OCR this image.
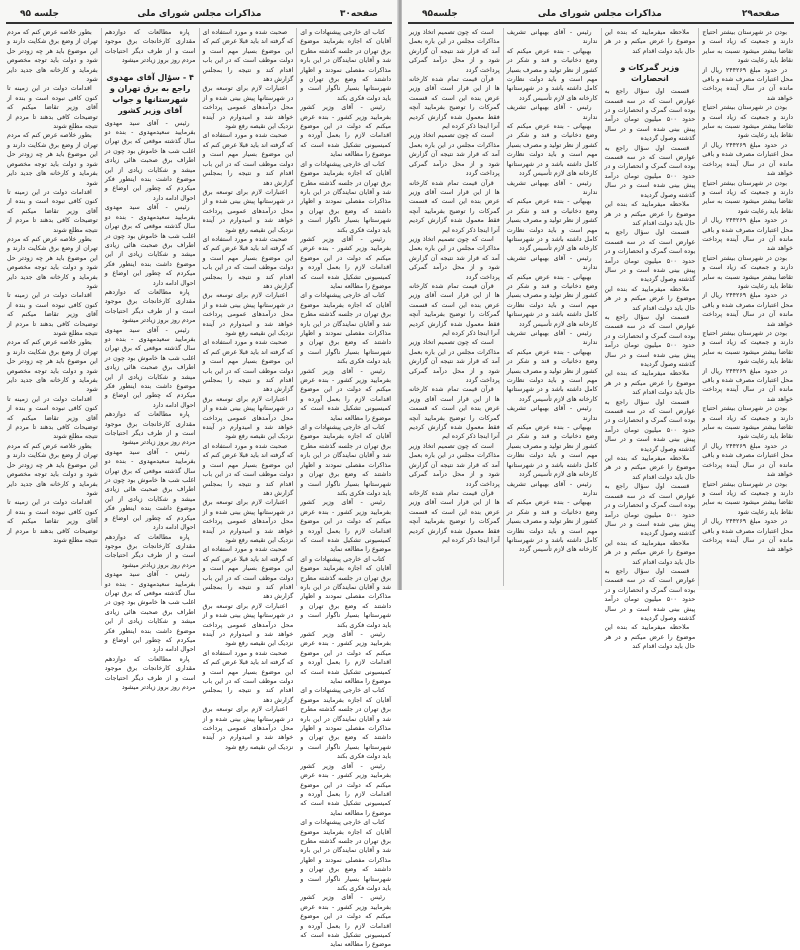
صفحه۳۰
مذاکرات مجلس شورای ملی
جلسه ۹۵

کتاب ای خارجی پیشنهادات و ای آقایان که اجازه بفرمایند موضوع برق تهران در جلسه گذشته مطرح شد و آقایان نمایندگان در این باره مذاکرات مفصلی نمودند و اظهار داشتند که وضع برق تهران و شهرستانها بسیار ناگوار است و باید دولت فکری بکند

رئیس - آقای وزیر کشور بفرمایید وزیر کشور - بنده عرض میکنم که دولت در این موضوع اقدامات لازم را بعمل آورده و کمیسیونی تشکیل شده است که موضوع را مطالعه نماید

کتاب ای خارجی پیشنهادات و ای آقایان که اجازه بفرمایند موضوع برق تهران در جلسه گذشته مطرح شد و آقایان نمایندگان در این باره مذاکرات مفصلی نمودند و اظهار داشتند که وضع برق تهران و شهرستانها بسیار ناگوار است و باید دولت فکری بکند

رئیس - آقای وزیر کشور بفرمایید وزیر کشور - بنده عرض میکنم که دولت در این موضوع اقدامات لازم را بعمل آورده و کمیسیونی تشکیل شده است که موضوع را مطالعه نماید

کتاب ای خارجی پیشنهادات و ای آقایان که اجازه بفرمایند موضوع برق تهران در جلسه گذشته مطرح شد و آقایان نمایندگان در این باره مذاکرات مفصلی نمودند و اظهار داشتند که وضع برق تهران و شهرستانها بسیار ناگوار است و باید دولت فکری بکند

رئیس - آقای وزیر کشور بفرمایید وزیر کشور - بنده عرض میکنم که دولت در این موضوع اقدامات لازم را بعمل آورده و کمیسیونی تشکیل شده است که موضوع را مطالعه نماید

کتاب ای خارجی پیشنهادات و ای آقایان که اجازه بفرمایند موضوع برق تهران در جلسه گذشته مطرح شد و آقایان نمایندگان در این باره مذاکرات مفصلی نمودند و اظهار داشتند که وضع برق تهران و شهرستانها بسیار ناگوار است و باید دولت فکری بکند

رئیس - آقای وزیر کشور بفرمایید وزیر کشور - بنده عرض میکنم که دولت در این موضوع اقدامات لازم را بعمل آورده و کمیسیونی تشکیل شده است که موضوع را مطالعه نماید

کتاب ای خارجی پیشنهادات و ای آقایان که اجازه بفرمایند موضوع برق تهران در جلسه گذشته مطرح شد و آقایان نمایندگان در این باره مذاکرات مفصلی نمودند و اظهار داشتند که وضع برق تهران و شهرستانها بسیار ناگوار است و باید دولت فکری بکند

رئیس - آقای وزیر کشور بفرمایید وزیر کشور - بنده عرض میکنم که دولت در این موضوع اقدامات لازم را بعمل آورده و کمیسیونی تشکیل شده است که موضوع را مطالعه نماید

کتاب ای خارجی پیشنهادات و ای آقایان که اجازه بفرمایند موضوع برق تهران در جلسه گذشته مطرح شد و آقایان نمایندگان در این باره مذاکرات مفصلی نمودند و اظهار داشتند که وضع برق تهران و شهرستانها بسیار ناگوار است و باید دولت فکری بکند

رئیس - آقای وزیر کشور بفرمایید وزیر کشور - بنده عرض میکنم که دولت در این موضوع اقدامات لازم را بعمل آورده و کمیسیونی تشکیل شده است که موضوع را مطالعه نماید

کتاب ای خارجی پیشنهادات و ای آقایان که اجازه بفرمایند موضوع برق تهران در جلسه گذشته مطرح شد و آقایان نمایندگان در این باره مذاکرات مفصلی نمودند و اظهار داشتند که وضع برق تهران و شهرستانها بسیار ناگوار است و باید دولت فکری بکند

رئیس - آقای وزیر کشور بفرمایید وزیر کشور - بنده عرض میکنم که دولت در این موضوع اقدامات لازم را بعمل آورده و کمیسیونی تشکیل شده است که موضوع را مطالعه نماید

صحبت شده و مورد استفاده ای که گرفته اند باید قبلا عرض کنم که این موضوع بسیار مهم است و دولت موظف است که در این باب اقدام کند و نتیجه را بمجلس گزارش دهد

اعتبارات لازم برای توسعه برق در شهرستانها پیش بینی شده و از محل درآمدهای عمومی پرداخت خواهد شد و امیدوارم در آینده نزدیک این نقیصه رفع شود

صحبت شده و مورد استفاده ای که گرفته اند باید قبلا عرض کنم که این موضوع بسیار مهم است و دولت موظف است که در این باب اقدام کند و نتیجه را بمجلس گزارش دهد

اعتبارات لازم برای توسعه برق در شهرستانها پیش بینی شده و از محل درآمدهای عمومی پرداخت خواهد شد و امیدوارم در آینده نزدیک این نقیصه رفع شود

صحبت شده و مورد استفاده ای که گرفته اند باید قبلا عرض کنم که این موضوع بسیار مهم است و دولت موظف است که در این باب اقدام کند و نتیجه را بمجلس گزارش دهد

اعتبارات لازم برای توسعه برق در شهرستانها پیش بینی شده و از محل درآمدهای عمومی پرداخت خواهد شد و امیدوارم در آینده نزدیک این نقیصه رفع شود

صحبت شده و مورد استفاده ای که گرفته اند باید قبلا عرض کنم که این موضوع بسیار مهم است و دولت موظف است که در این باب اقدام کند و نتیجه را بمجلس گزارش دهد

اعتبارات لازم برای توسعه برق در شهرستانها پیش بینی شده و از محل درآمدهای عمومی پرداخت خواهد شد و امیدوارم در آینده نزدیک این نقیصه رفع شود

صحبت شده و مورد استفاده ای که گرفته اند باید قبلا عرض کنم که این موضوع بسیار مهم است و دولت موظف است که در این باب اقدام کند و نتیجه را بمجلس گزارش دهد

اعتبارات لازم برای توسعه برق در شهرستانها پیش بینی شده و از محل درآمدهای عمومی پرداخت خواهد شد و امیدوارم در آینده نزدیک این نقیصه رفع شود

صحبت شده و مورد استفاده ای که گرفته اند باید قبلا عرض کنم که این موضوع بسیار مهم است و دولت موظف است که در این باب اقدام کند و نتیجه را بمجلس گزارش دهد

اعتبارات لازم برای توسعه برق در شهرستانها پیش بینی شده و از محل درآمدهای عمومی پرداخت خواهد شد و امیدوارم در آینده نزدیک این نقیصه رفع شود

صحبت شده و مورد استفاده ای که گرفته اند باید قبلا عرض کنم که این موضوع بسیار مهم است و دولت موظف است که در این باب اقدام کند و نتیجه را بمجلس گزارش دهد

اعتبارات لازم برای توسعه برق در شهرستانها پیش بینی شده و از محل درآمدهای عمومی پرداخت خواهد شد و امیدوارم در آینده نزدیک این نقیصه رفع شود

پاره مطالعات که دوازدهم مقداری کارخانجات برق موجود است و از طرف دیگر احتیاجات مردم روز بروز زیادتر میشود

۴ - سؤال آقای مهدوی راجع به برق تهران و شهرستانها و جواب آقای وزیر کشور

رئیس - آقای سید مهدوی بفرمایید سعیدمهدوی - بنده دو سال گذشته موقعی که برق تهران اغلب شب ها خاموش بود چون در اطراف برق صحبت هائی زیادی میشد و شکایات زیادی از این موضوع داشت بنده اینطور فکر میکردم که چطور این اوضاع و احوال ادامه دارد

رئیس - آقای سید مهدوی بفرمایید سعیدمهدوی - بنده دو سال گذشته موقعی که برق تهران اغلب شب ها خاموش بود چون در اطراف برق صحبت هائی زیادی میشد و شکایات زیادی از این موضوع داشت بنده اینطور فکر میکردم که چطور این اوضاع و احوال ادامه دارد

پاره مطالعات که دوازدهم مقداری کارخانجات برق موجود است و از طرف دیگر احتیاجات مردم روز بروز زیادتر میشود

رئیس - آقای سید مهدوی بفرمایید سعیدمهدوی - بنده دو سال گذشته موقعی که برق تهران اغلب شب ها خاموش بود چون در اطراف برق صحبت هائی زیادی میشد و شکایات زیادی از این موضوع داشت بنده اینطور فکر میکردم که چطور این اوضاع و احوال ادامه دارد

پاره مطالعات که دوازدهم مقداری کارخانجات برق موجود است و از طرف دیگر احتیاجات مردم روز بروز زیادتر میشود

رئیس - آقای سید مهدوی بفرمایید سعیدمهدوی - بنده دو سال گذشته موقعی که برق تهران اغلب شب ها خاموش بود چون در اطراف برق صحبت هائی زیادی میشد و شکایات زیادی از این موضوع داشت بنده اینطور فکر میکردم که چطور این اوضاع و احوال ادامه دارد

پاره مطالعات که دوازدهم مقداری کارخانجات برق موجود است و از طرف دیگر احتیاجات مردم روز بروز زیادتر میشود

رئیس - آقای سید مهدوی بفرمایید سعیدمهدوی - بنده دو سال گذشته موقعی که برق تهران اغلب شب ها خاموش بود چون در اطراف برق صحبت هائی زیادی میشد و شکایات زیادی از این موضوع داشت بنده اینطور فکر میکردم که چطور این اوضاع و احوال ادامه دارد

پاره مطالعات که دوازدهم مقداری کارخانجات برق موجود است و از طرف دیگر احتیاجات مردم روز بروز زیادتر میشود

بطور خلاصه عرض کنم که مردم تهران از وضع برق شکایت دارند و این موضوع باید هر چه زودتر حل شود و دولت باید توجه مخصوص بفرماید و کارخانه های جدید دایر شود

اقدامات دولت در این زمینه تا کنون کافی نبوده است و بنده از آقای وزیر تقاضا میکنم که توضیحات کافی بدهند تا مردم از نتیجه مطلع شوند

بطور خلاصه عرض کنم که مردم تهران از وضع برق شکایت دارند و این موضوع باید هر چه زودتر حل شود و دولت باید توجه مخصوص بفرماید و کارخانه های جدید دایر شود

اقدامات دولت در این زمینه تا کنون کافی نبوده است و بنده از آقای وزیر تقاضا میکنم که توضیحات کافی بدهند تا مردم از نتیجه مطلع شوند

بطور خلاصه عرض کنم که مردم تهران از وضع برق شکایت دارند و این موضوع باید هر چه زودتر حل شود و دولت باید توجه مخصوص بفرماید و کارخانه های جدید دایر شود

اقدامات دولت در این زمینه تا کنون کافی نبوده است و بنده از آقای وزیر تقاضا میکنم که توضیحات کافی بدهند تا مردم از نتیجه مطلع شوند

بطور خلاصه عرض کنم که مردم تهران از وضع برق شکایت دارند و این موضوع باید هر چه زودتر حل شود و دولت باید توجه مخصوص بفرماید و کارخانه های جدید دایر شود

اقدامات دولت در این زمینه تا کنون کافی نبوده است و بنده از آقای وزیر تقاضا میکنم که توضیحات کافی بدهند تا مردم از نتیجه مطلع شوند

بطور خلاصه عرض کنم که مردم تهران از وضع برق شکایت دارند و این موضوع باید هر چه زودتر حل شود و دولت باید توجه مخصوص بفرماید و کارخانه های جدید دایر شود

اقدامات دولت در این زمینه تا کنون کافی نبوده است و بنده از آقای وزیر تقاضا میکنم که توضیحات کافی بدهند تا مردم از نتیجه مطلع شوند

صفحه۲۹
مذاکرات مجلس شورای ملی
جلسه۹۵

بودن در شهرستان بیشتر احتیاج دارند و جمعیت که زیاد است و تقاضا بیشتر میشود نسبت به سایر نقاط باید رعایت شود

در حدود مبلغ ۲۴۴۲۶۹ ریال از محل اعتبارات مصرف شده و باقی مانده آن در سال آینده پرداخت خواهد شد

بودن در شهرستان بیشتر احتیاج دارند و جمعیت که زیاد است و تقاضا بیشتر میشود نسبت به سایر نقاط باید رعایت شود

در حدود مبلغ ۲۴۴۲۶۹ ریال از محل اعتبارات مصرف شده و باقی مانده آن در سال آینده پرداخت خواهد شد

بودن در شهرستان بیشتر احتیاج دارند و جمعیت که زیاد است و تقاضا بیشتر میشود نسبت به سایر نقاط باید رعایت شود

در حدود مبلغ ۲۴۴۲۶۹ ریال از محل اعتبارات مصرف شده و باقی مانده آن در سال آینده پرداخت خواهد شد

بودن در شهرستان بیشتر احتیاج دارند و جمعیت که زیاد است و تقاضا بیشتر میشود نسبت به سایر نقاط باید رعایت شود

در حدود مبلغ ۲۴۴۲۶۹ ریال از محل اعتبارات مصرف شده و باقی مانده آن در سال آینده پرداخت خواهد شد

بودن در شهرستان بیشتر احتیاج دارند و جمعیت که زیاد است و تقاضا بیشتر میشود نسبت به سایر نقاط باید رعایت شود

در حدود مبلغ ۲۴۴۲۶۹ ریال از محل اعتبارات مصرف شده و باقی مانده آن در سال آینده پرداخت خواهد شد

بودن در شهرستان بیشتر احتیاج دارند و جمعیت که زیاد است و تقاضا بیشتر میشود نسبت به سایر نقاط باید رعایت شود

در حدود مبلغ ۲۴۴۲۶۹ ریال از محل اعتبارات مصرف شده و باقی مانده آن در سال آینده پرداخت خواهد شد

بودن در شهرستان بیشتر احتیاج دارند و جمعیت که زیاد است و تقاضا بیشتر میشود نسبت به سایر نقاط باید رعایت شود

در حدود مبلغ ۲۴۴۲۶۹ ریال از محل اعتبارات مصرف شده و باقی مانده آن در سال آینده پرداخت خواهد شد

ملاحظه میفرمایید که بنده این موضوع را عرض میکنم و در هر حال باید دولت اقدام کند

وزیر گمرکات و انحصارات

قسمت اول سؤال راجع به عوارض است که در سه قسمت بوده است گمرک و انحصارات و در حدود ۵۰۰ میلیون تومان درآمد پیش بینی شده است و در سال گذشته وصول گردیده

قسمت اول سؤال راجع به عوارض است که در سه قسمت بوده است گمرک و انحصارات و در حدود ۵۰۰ میلیون تومان درآمد پیش بینی شده است و در سال گذشته وصول گردیده

ملاحظه میفرمایید که بنده این موضوع را عرض میکنم و در هر حال باید دولت اقدام کند

قسمت اول سؤال راجع به عوارض است که در سه قسمت بوده است گمرک و انحصارات و در حدود ۵۰۰ میلیون تومان درآمد پیش بینی شده است و در سال گذشته وصول گردیده

ملاحظه میفرمایید که بنده این موضوع را عرض میکنم و در هر حال باید دولت اقدام کند

قسمت اول سؤال راجع به عوارض است که در سه قسمت بوده است گمرک و انحصارات و در حدود ۵۰۰ میلیون تومان درآمد پیش بینی شده است و در سال گذشته وصول گردیده

ملاحظه میفرمایید که بنده این موضوع را عرض میکنم و در هر حال باید دولت اقدام کند

قسمت اول سؤال راجع به عوارض است که در سه قسمت بوده است گمرک و انحصارات و در حدود ۵۰۰ میلیون تومان درآمد پیش بینی شده است و در سال گذشته وصول گردیده

ملاحظه میفرمایید که بنده این موضوع را عرض میکنم و در هر حال باید دولت اقدام کند

قسمت اول سؤال راجع به عوارض است که در سه قسمت بوده است گمرک و انحصارات و در حدود ۵۰۰ میلیون تومان درآمد پیش بینی شده است و در سال گذشته وصول گردیده

ملاحظه میفرمایید که بنده این موضوع را عرض میکنم و در هر حال باید دولت اقدام کند

قسمت اول سؤال راجع به عوارض است که در سه قسمت بوده است گمرک و انحصارات و در حدود ۵۰۰ میلیون تومان درآمد پیش بینی شده است و در سال گذشته وصول گردیده

ملاحظه میفرمایید که بنده این موضوع را عرض میکنم و در هر حال باید دولت اقدام کند

رئیس - آقای بهبهانی تشریف ندارند

بهبهانی - بنده عرض میکنم که وضع دخانیات و قند و شکر در کشور از نظر تولید و مصرف بسیار مهم است و باید دولت نظارت کامل داشته باشد و در شهرستانها کارخانه های لازم تأسیس گردد

رئیس - آقای بهبهانی تشریف ندارند

بهبهانی - بنده عرض میکنم که وضع دخانیات و قند و شکر در کشور از نظر تولید و مصرف بسیار مهم است و باید دولت نظارت کامل داشته باشد و در شهرستانها کارخانه های لازم تأسیس گردد

رئیس - آقای بهبهانی تشریف ندارند

بهبهانی - بنده عرض میکنم که وضع دخانیات و قند و شکر در کشور از نظر تولید و مصرف بسیار مهم است و باید دولت نظارت کامل داشته باشد و در شهرستانها کارخانه های لازم تأسیس گردد

رئیس - آقای بهبهانی تشریف ندارند

بهبهانی - بنده عرض میکنم که وضع دخانیات و قند و شکر در کشور از نظر تولید و مصرف بسیار مهم است و باید دولت نظارت کامل داشته باشد و در شهرستانها کارخانه های لازم تأسیس گردد

رئیس - آقای بهبهانی تشریف ندارند

بهبهانی - بنده عرض میکنم که وضع دخانیات و قند و شکر در کشور از نظر تولید و مصرف بسیار مهم است و باید دولت نظارت کامل داشته باشد و در شهرستانها کارخانه های لازم تأسیس گردد

رئیس - آقای بهبهانی تشریف ندارند

بهبهانی - بنده عرض میکنم که وضع دخانیات و قند و شکر در کشور از نظر تولید و مصرف بسیار مهم است و باید دولت نظارت کامل داشته باشد و در شهرستانها کارخانه های لازم تأسیس گردد

رئیس - آقای بهبهانی تشریف ندارند

بهبهانی - بنده عرض میکنم که وضع دخانیات و قند و شکر در کشور از نظر تولید و مصرف بسیار مهم است و باید دولت نظارت کامل داشته باشد و در شهرستانها کارخانه های لازم تأسیس گردد

است که چون تصمیم اتخاذ وزیر مذاکرات مجلس در این باره بعمل آمد که قرار شد نتیجه آن گزارش شود و از محل درآمد گمرکی پرداخت گردد

قرآن قیمت تمام شده کارخانه ها از این قرار است آقای وزیر عرض بنده این است که قسمت گمرکات را توضیح بفرمایید آنچه فقط معمول شده گزارش کردیم آنرا اینجا ذکر کرده ایم

است که چون تصمیم اتخاذ وزیر مذاکرات مجلس در این باره بعمل آمد که قرار شد نتیجه آن گزارش شود و از محل درآمد گمرکی پرداخت گردد

قرآن قیمت تمام شده کارخانه ها از این قرار است آقای وزیر عرض بنده این است که قسمت گمرکات را توضیح بفرمایید آنچه فقط معمول شده گزارش کردیم آنرا اینجا ذکر کرده ایم

است که چون تصمیم اتخاذ وزیر مذاکرات مجلس در این باره بعمل آمد که قرار شد نتیجه آن گزارش شود و از محل درآمد گمرکی پرداخت گردد

قرآن قیمت تمام شده کارخانه ها از این قرار است آقای وزیر عرض بنده این است که قسمت گمرکات را توضیح بفرمایید آنچه فقط معمول شده گزارش کردیم آنرا اینجا ذکر کرده ایم

است که چون تصمیم اتخاذ وزیر مذاکرات مجلس در این باره بعمل آمد که قرار شد نتیجه آن گزارش شود و از محل درآمد گمرکی پرداخت گردد

قرآن قیمت تمام شده کارخانه ها از این قرار است آقای وزیر عرض بنده این است که قسمت گمرکات را توضیح بفرمایید آنچه فقط معمول شده گزارش کردیم آنرا اینجا ذکر کرده ایم

است که چون تصمیم اتخاذ وزیر مذاکرات مجلس در این باره بعمل آمد که قرار شد نتیجه آن گزارش شود و از محل درآمد گمرکی پرداخت گردد

قرآن قیمت تمام شده کارخانه ها از این قرار است آقای وزیر عرض بنده این است که قسمت گمرکات را توضیح بفرمایید آنچه فقط معمول شده گزارش کردیم آنرا اینجا ذکر کرده ایم
